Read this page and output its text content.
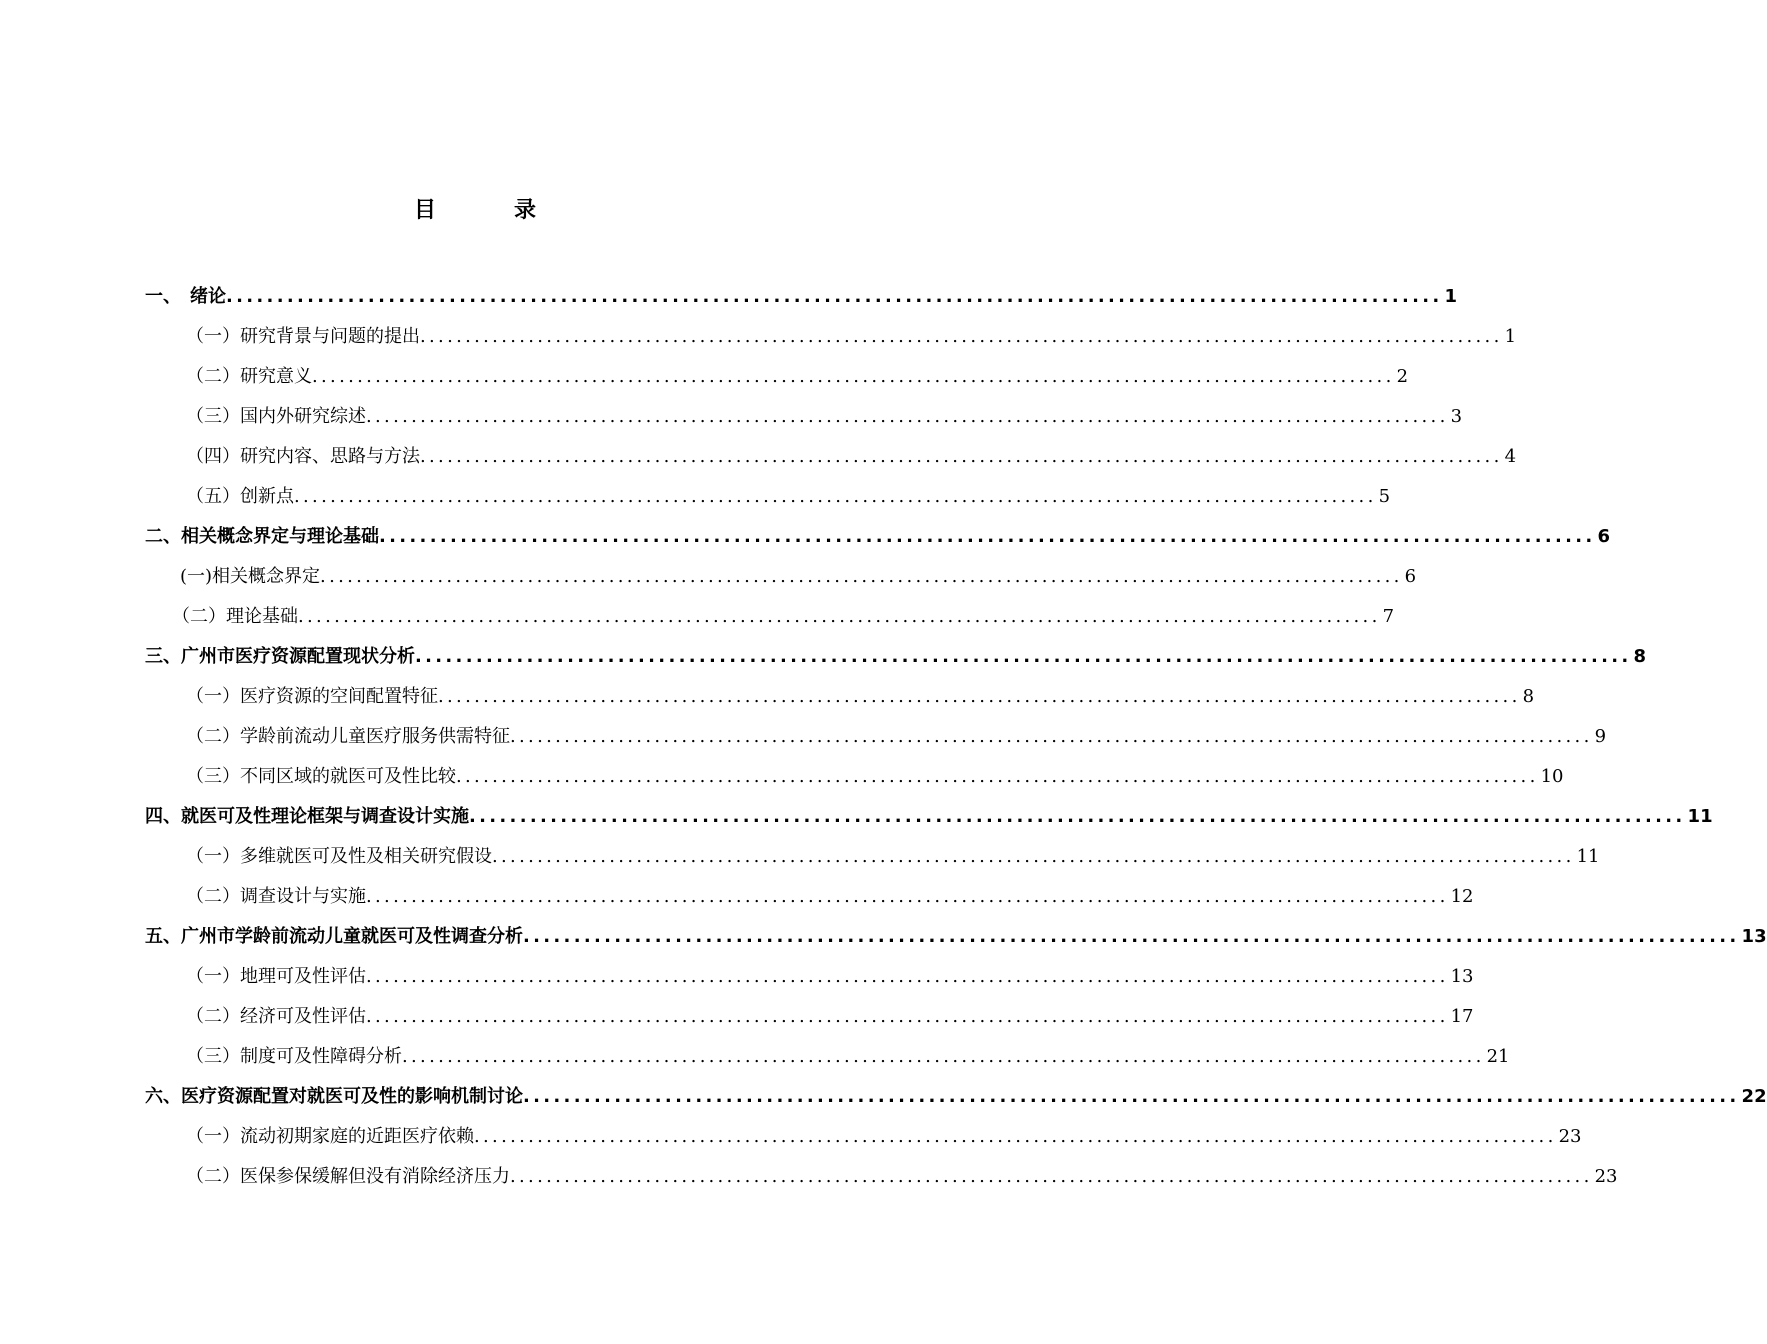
目	录
一、　绪论 ........................................................................................................................ 1
（一）研究背景与问题的提出 ........................................................................................................................ 1
（二）研究意义 ........................................................................................................................ 2
（三）国内外研究综述 ........................................................................................................................ 3
（四）研究内容、思路与方法 ........................................................................................................................ 4
（五）创新点 ........................................................................................................................ 5
二、相关概念界定与理论基础 ........................................................................................................................ 6
(一)相关概念界定 ........................................................................................................................ 6
（二）理论基础 ........................................................................................................................ 7
三、广州市医疗资源配置现状分析 ........................................................................................................................ 8
（一）医疗资源的空间配置特征 ........................................................................................................................ 8
（二）学龄前流动儿童医疗服务供需特征 ........................................................................................................................ 9
（三）不同区域的就医可及性比较 ........................................................................................................................ 10
四、就医可及性理论框架与调查设计实施 ........................................................................................................................ 11
（一）多维就医可及性及相关研究假设 ........................................................................................................................ 11
（二）调查设计与实施 ........................................................................................................................ 12
五、广州市学龄前流动儿童就医可及性调查分析 ........................................................................................................................ 13
（一）地理可及性评估 ........................................................................................................................ 13
（二）经济可及性评估 ........................................................................................................................ 17
（三）制度可及性障碍分析 ........................................................................................................................ 21
六、医疗资源配置对就医可及性的影响机制讨论 ........................................................................................................................ 22
（一）流动初期家庭的近距医疗依赖 ........................................................................................................................ 23
（二）医保参保缓解但没有消除经济压力 ........................................................................................................................ 23
